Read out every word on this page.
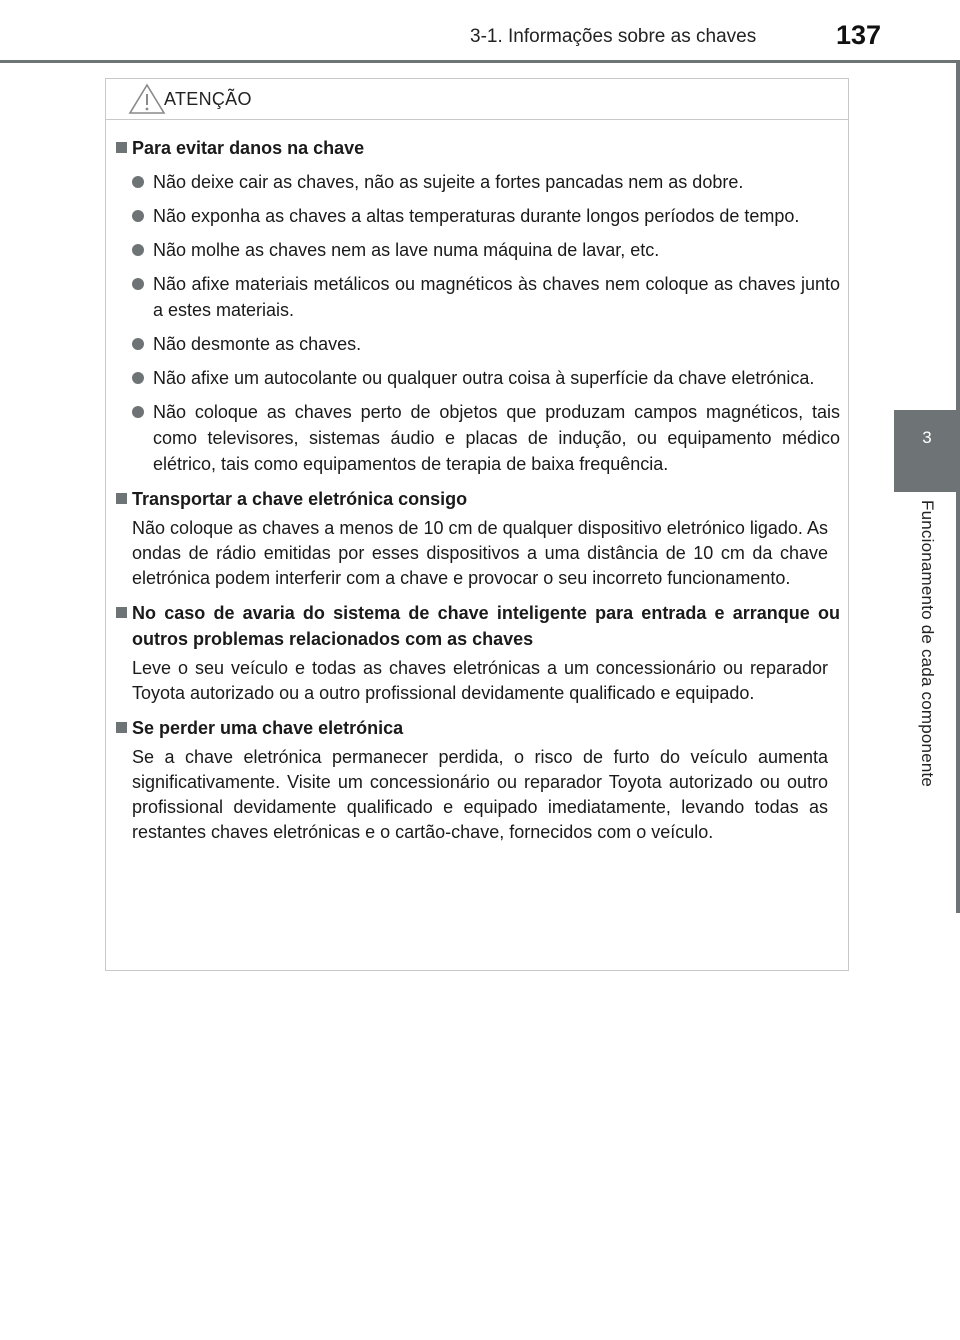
3-1. Informações sobre as chaves	137
3
Funcionamento de cada componente
ATENÇÃO
Para evitar danos na chave
Não deixe cair as chaves, não as sujeite a fortes pancadas nem as dobre.
Não exponha as chaves a altas temperaturas durante longos períodos de tempo.
Não molhe as chaves nem as lave numa máquina de lavar, etc.
Não afixe materiais metálicos ou magnéticos às chaves nem coloque as chaves junto a estes materiais.
Não desmonte as chaves.
Não afixe um autocolante ou qualquer outra coisa à superfície da chave eletrónica.
Não coloque as chaves perto de objetos que produzam campos magnéticos, tais como televisores, sistemas áudio e placas de indução, ou equipamento médico elétrico, tais como equipamentos de terapia de baixa frequência.
Transportar a chave eletrónica consigo
Não coloque as chaves a menos de 10 cm de qualquer dispositivo eletrónico ligado. As ondas de rádio emitidas por esses dispositivos a uma distância de 10 cm da chave eletrónica podem interferir com a chave e provocar o seu incorreto funcionamento.
No caso de avaria do sistema de chave inteligente para entrada e arranque ou outros problemas relacionados com as chaves
Leve o seu veículo e todas as chaves eletrónicas a um concessionário ou reparador Toyota autorizado ou a outro profissional devidamente qualificado e equipado.
Se perder uma chave eletrónica
Se a chave eletrónica permanecer perdida, o risco de furto do veículo aumenta significativamente. Visite um concessionário ou reparador Toyota autorizado ou outro profissional devidamente qualificado e equipado imediatamente, levando todas as restantes chaves eletrónicas e o cartão-chave, fornecidos com o veículo.
